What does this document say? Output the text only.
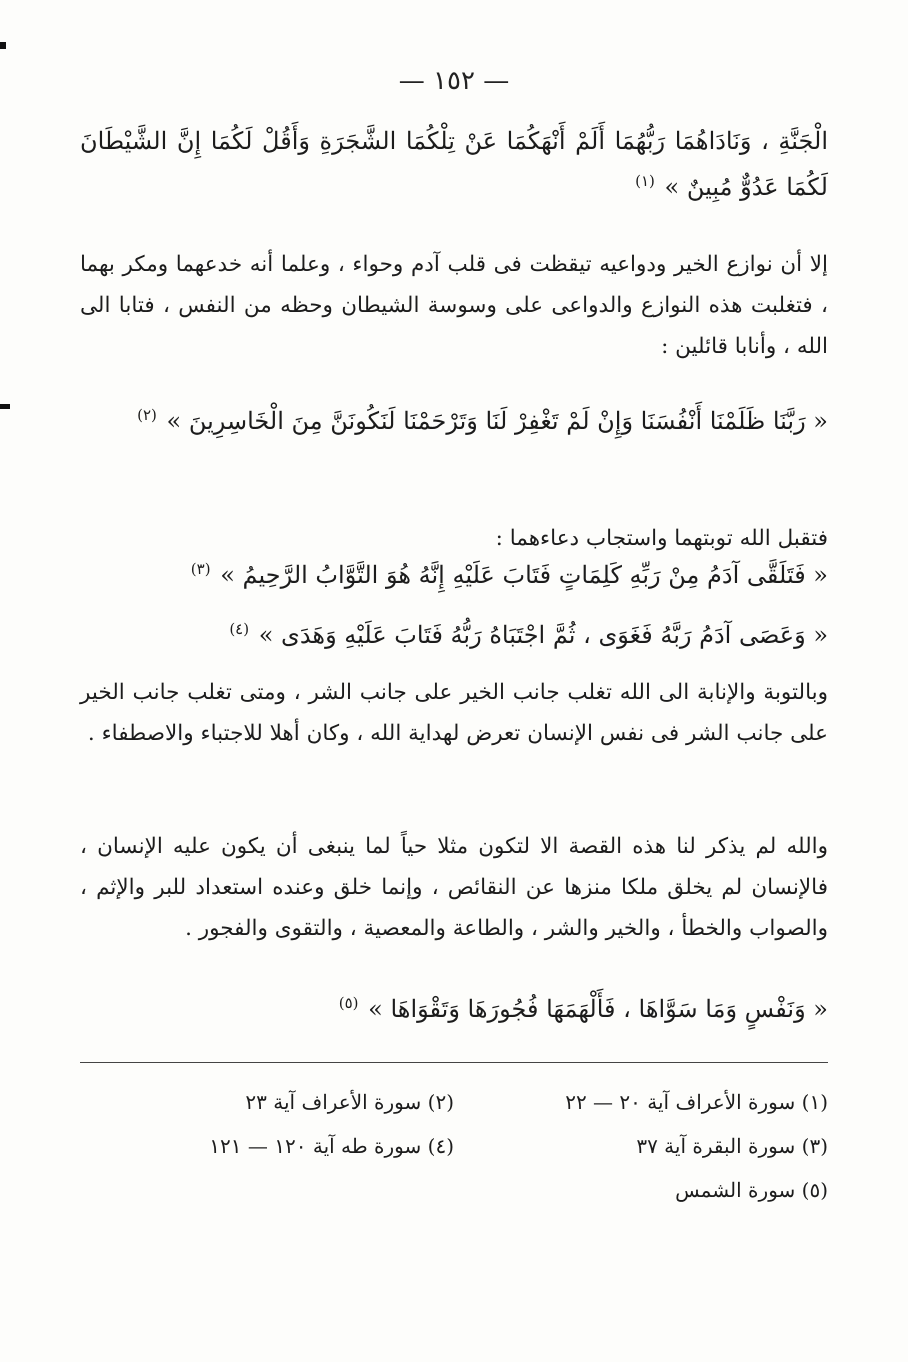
— ١٥٢ —
الْجَنَّةِ ، وَنَادَاهُمَا رَبُّهُمَا أَلَمْ أَنْهَكُمَا عَنْ تِلْكُمَا الشَّجَرَةِ وَأَقُلْ لَكُمَا إِنَّ الشَّيْطَانَ لَكُمَا عَدُوٌّ مُبِينٌ » $^{(١)}$
إلا أن نوازع الخير ودواعيه تيقظت فى قلب آدم وحواء ، وعلما أنه خدعهما ومكر بهما ، فتغلبت هذه النوازع والدواعى على وسوسة الشيطان وحظه من النفس ، فتابا الى الله ، وأنابا قائلين :
« رَبَّنَا ظَلَمْنَا أَنْفُسَنَا وَإِنْ لَمْ تَغْفِرْ لَنَا وَتَرْحَمْنَا لَنَكُونَنَّ مِنَ الْخَاسِرِينَ » $^{(٢)}$
فتقبل الله توبتهما واستجاب دعاءهما :
« فَتَلَقَّى آدَمُ مِنْ رَبِّهِ كَلِمَاتٍ فَتَابَ عَلَيْهِ إِنَّهُ هُوَ التَّوَّابُ الرَّحِيمُ » $^{(٣)}$
« وَعَصَى آدَمُ رَبَّهُ فَغَوَى ، ثُمَّ اجْتَبَاهُ رَبُّهُ فَتَابَ عَلَيْهِ وَهَدَى » $^{(٤)}$
وبالتوبة والإنابة الى الله تغلب جانب الخير على جانب الشر ، ومتى تغلب جانب الخير على جانب الشر فى نفس الإنسان تعرض لهداية الله ، وكان أهلا للاجتباء والاصطفاء .
والله لم يذكر لنا هذه القصة الا لتكون مثلا حياً لما ينبغى أن يكون عليه الإنسان ، فالإنسان لم يخلق ملكا منزها عن النقائص ، وإنما خلق وعنده استعداد للبر والإثم ، والصواب والخطأ ، والخير والشر ، والطاعة والمعصية ، والتقوى والفجور .
« وَنَفْسٍ وَمَا سَوَّاهَا ، فَأَلْهَمَهَا فُجُورَهَا وَتَقْوَاهَا » $^{(٥)}$
(١) سورة الأعراف آية ٢٠ — ٢٢
(٢) سورة الأعراف آية ٢٣
(٣) سورة البقرة آية ٣٧
(٤) سورة طه آية ١٢٠ — ١٢١
(٥) سورة الشمس
